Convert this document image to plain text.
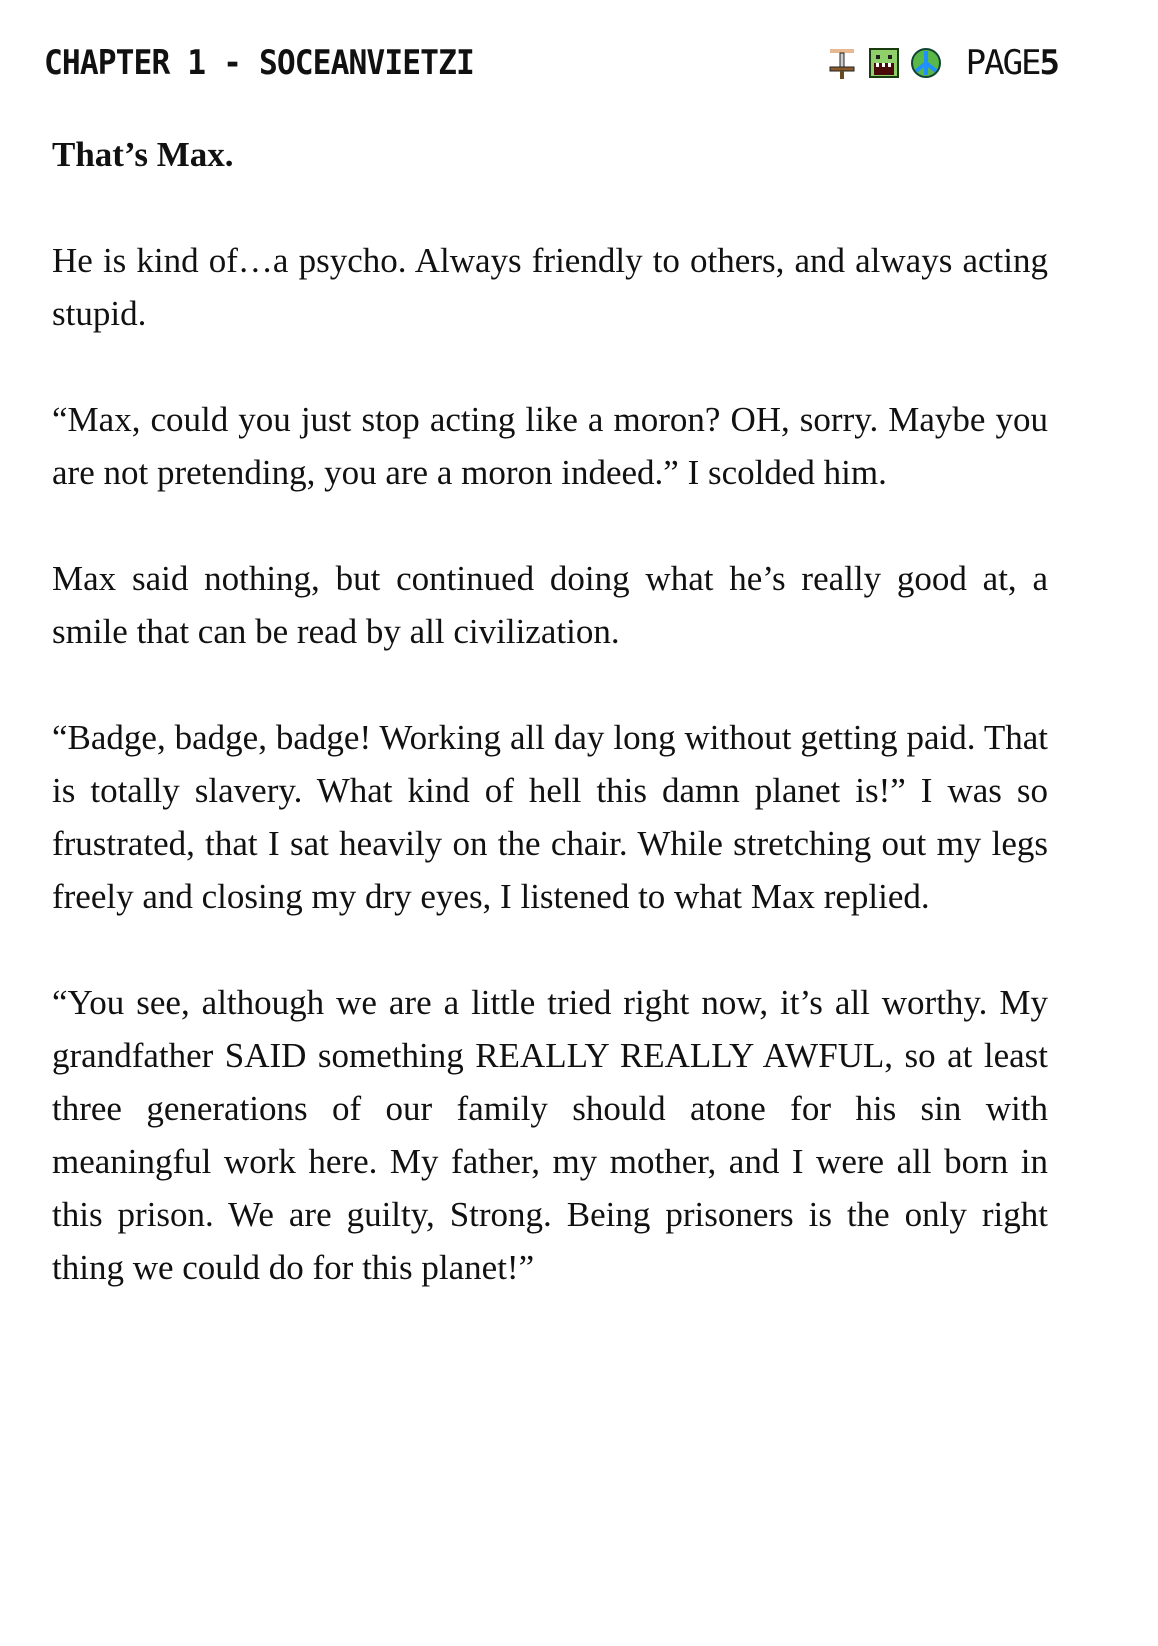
CHAPTER 1 - SOCEANVIETZI	PAGE5

That’s Max.

He is kind of…a psycho. Always friendly to others, and always acting stupid.

“Max, could you just stop acting like a moron? OH, sorry. Maybe you are not pretending, you are a moron indeed.” I scolded him.

Max said nothing, but continued doing what he’s really good at, a smile that can be read by all civilization.

“Badge, badge, badge! Working all day long without getting paid. That is totally slavery. What kind of hell this damn planet is!” I was so frustrated, that I sat heavily on the chair. While stretching out my legs freely and closing my dry eyes, I listened to what Max replied.

“You see, although we are a little tried right now, it’s all worthy. My grandfather SAID something REALLY REALLY AWFUL, so at least three generations of our family should atone for his sin with meaningful work here. My father, my mother, and I were all born in this prison. We are guilty, Strong. Being prisoners is the only right thing we could do for this planet!”
